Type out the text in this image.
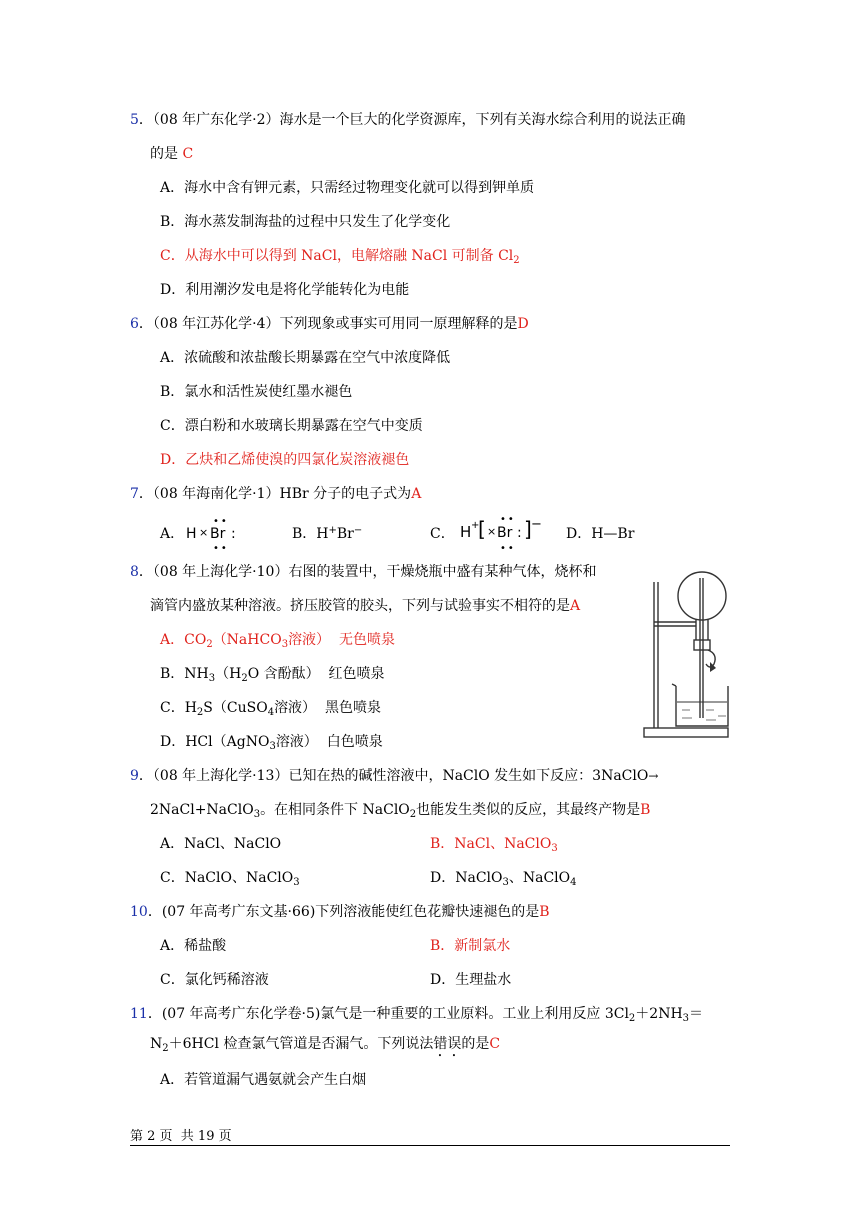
5．（08 年广东化学·2）海水是一个巨大的化学资源库，下列有关海水综合利用的说法正确
的是 C
A．海水中含有钾元素，只需经过物理变化就可以得到钾单质
B．海水蒸发制海盐的过程中只发生了化学变化
C．从海水中可以得到 NaCl，电解熔融 NaCl 可制备 $Cl_2$
D．利用潮汐发电是将化学能转化为电能
6．（08 年江苏化学·4）下列现象或事实可用同一原理解释的是D
A．浓硫酸和浓盐酸长期暴露在空气中浓度降低
B．氯水和活性炭使红墨水褪色
C．漂白粉和水玻璃长期暴露在空气中变质
D．乙炔和乙烯使溴的四氯化炭溶液褪色
7．（08 年海南化学·1）HBr 分子的电子式为A
A． H × Br :
••
••
B．H+Br−	C． H +
[ × Br : ] −
••
••
D．H—Br
8．（08 年上海化学·10）右图的装置中，干燥烧瓶中盛有某种气体，烧杯和
滴管内盛放某种溶液。挤压胶管的胶头，下列与试验事实不相符的是A
A．$CO_2(NaHCO_3$溶液）  无色喷泉
B．$NH_3(H_2O$ 含酚酞）  红色喷泉
C．$H_2S(CuSO_4$溶液）  黑色喷泉
D．HCl（AgNO$_3$溶液）  白色喷泉
9．（08 年上海化学·13）已知在热的碱性溶液中，NaClO 发生如下反应：3NaClO→
2NaCl+NaClO$_3$。在相同条件下 NaClO$_2$也能发生类似的反应，其最终产物是B
A．NaCl、NaClO	B．NaCl、NaClO$_3$
C．NaClO、NaClO$_3$	D．NaClO$_3$、NaClO$_4$
10．(07 年高考广东文基·66)下列溶液能使红色花瓣快速褪色的是B
A．稀盐酸	B．新制氯水
C．氯化钙稀溶液	D．生理盐水
11．(07 年高考广东化学卷·5)氯气是一种重要的工业原料。工业上利用反应 $3Cl_2+2NH_3=$
$N_2+6HCl$ 检查氯气管道是否漏气。下列说法错误的是C
A．若管道漏气遇氨就会产生白烟
第 2 页  共 19 页
